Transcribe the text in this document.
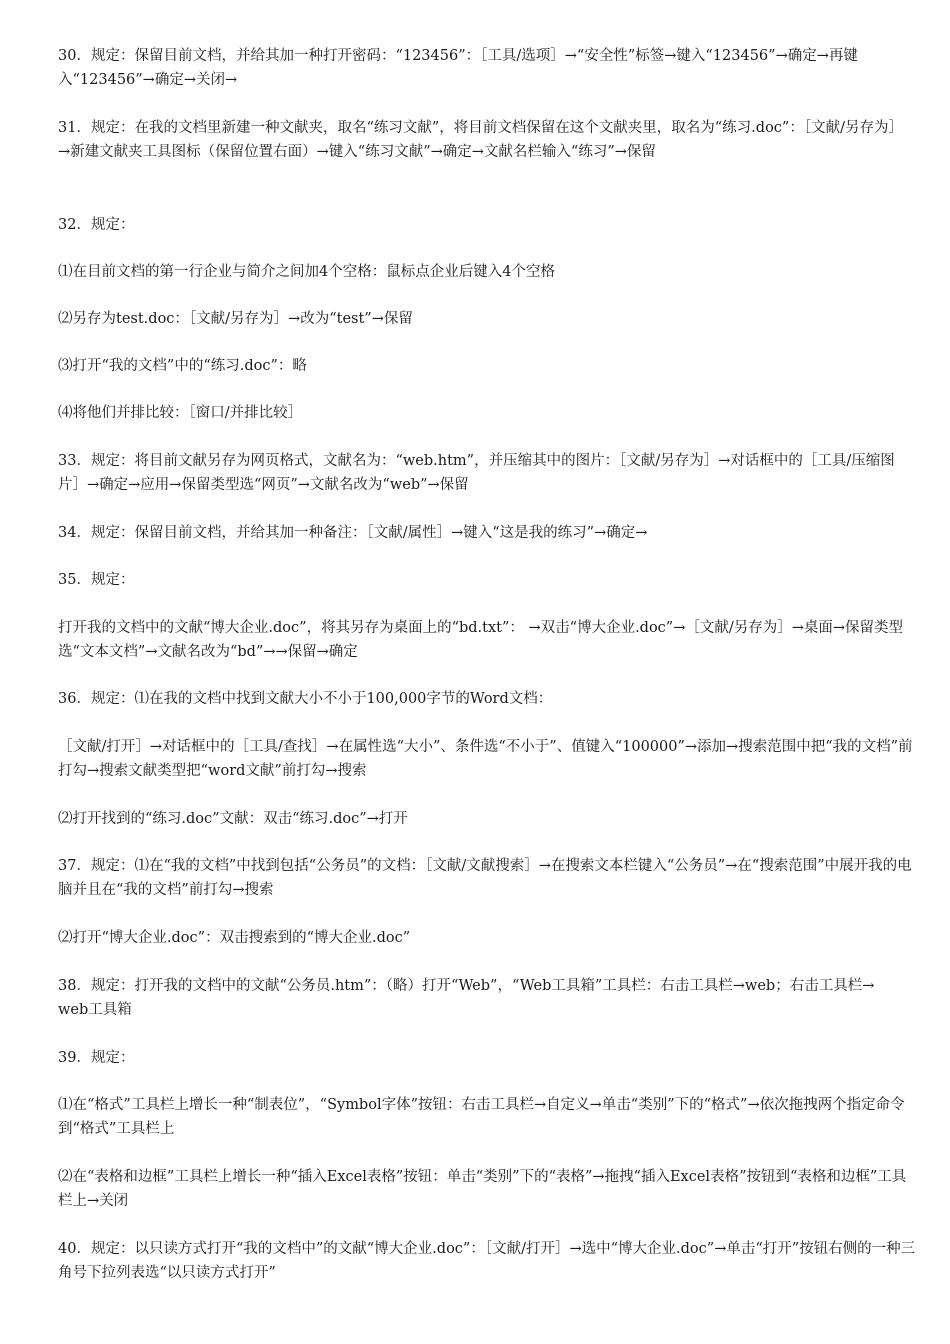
30．规定：保留目前文档，并给其加一种打开密码：“123456”：［工具/选项］→“安全性”标签→键入“123456”→确定→再键入“123456”→确定→关闭→

31．规定：在我的文档里新建一种文献夹，取名“练习文献”，将目前文档保留在这个文献夹里，取名为“练习.doc”：［文献/另存为］→新建文献夹工具图标（保留位置右面）→键入“练习文献”→确定→文献名栏输入“练习”→保留

32．规定：

⑴在目前文档的第一行企业与简介之间加4个空格：鼠标点企业后键入4个空格

⑵另存为test.doc：［文献/另存为］→改为“test”→保留

⑶打开“我的文档”中的“练习.doc”：略

⑷将他们并排比较：［窗口/并排比较］

33．规定：将目前文献另存为网页格式，文献名为：“web.htm”，并压缩其中的图片：［文献/另存为］→对话框中的［工具/压缩图片］→确定→应用→保留类型选“网页”→文献名改为“web”→保留

34．规定：保留目前文档，并给其加一种备注：［文献/属性］→键入“这是我的练习”→确定→

35．规定：

打开我的文档中的文献“博大企业.doc”，将其另存为桌面上的“bd.txt”： →双击“博大企业.doc”→［文献/另存为］→桌面→保留类型选“文本文档”→文献名改为“bd”→→保留→确定

36．规定：⑴在我的文档中找到文献大小不小于100,000字节的Word文档：

［文献/打开］→对话框中的［工具/查找］→在属性选“大小”、条件选“不小于”、值键入“100000”→添加→搜索范围中把“我的文档”前打勾→搜索文献类型把“word文献”前打勾→搜索

⑵打开找到的“练习.doc”文献：双击“练习.doc”→打开

37．规定：⑴在“我的文档”中找到包括“公务员”的文档：［文献/文献搜索］→在搜索文本栏键入“公务员”→在“搜索范围”中展开我的电脑并且在“我的文档”前打勾→搜索

⑵打开“博大企业.doc”：双击搜索到的“博大企业.doc”

38．规定：打开我的文档中的文献“公务员.htm”：（略）打开“Web”，“Web工具箱”工具栏：右击工具栏→web；右击工具栏→web工具箱

39．规定：

⑴在“格式”工具栏上增长一种“制表位”，“Symbol字体”按钮：右击工具栏→自定义→单击“类别”下的“格式”→依次拖拽两个指定命令到“格式”工具栏上

⑵在“表格和边框”工具栏上增长一种“插入Excel表格”按钮：单击“类别”下的“表格”→拖拽“插入Excel表格”按钮到“表格和边框”工具栏上→关闭

40．规定：以只读方式打开“我的文档中”的文献“博大企业.doc”：［文献/打开］→选中“博大企业.doc”→单击“打开”按钮右侧的一种三角号下拉列表选“以只读方式打开”
